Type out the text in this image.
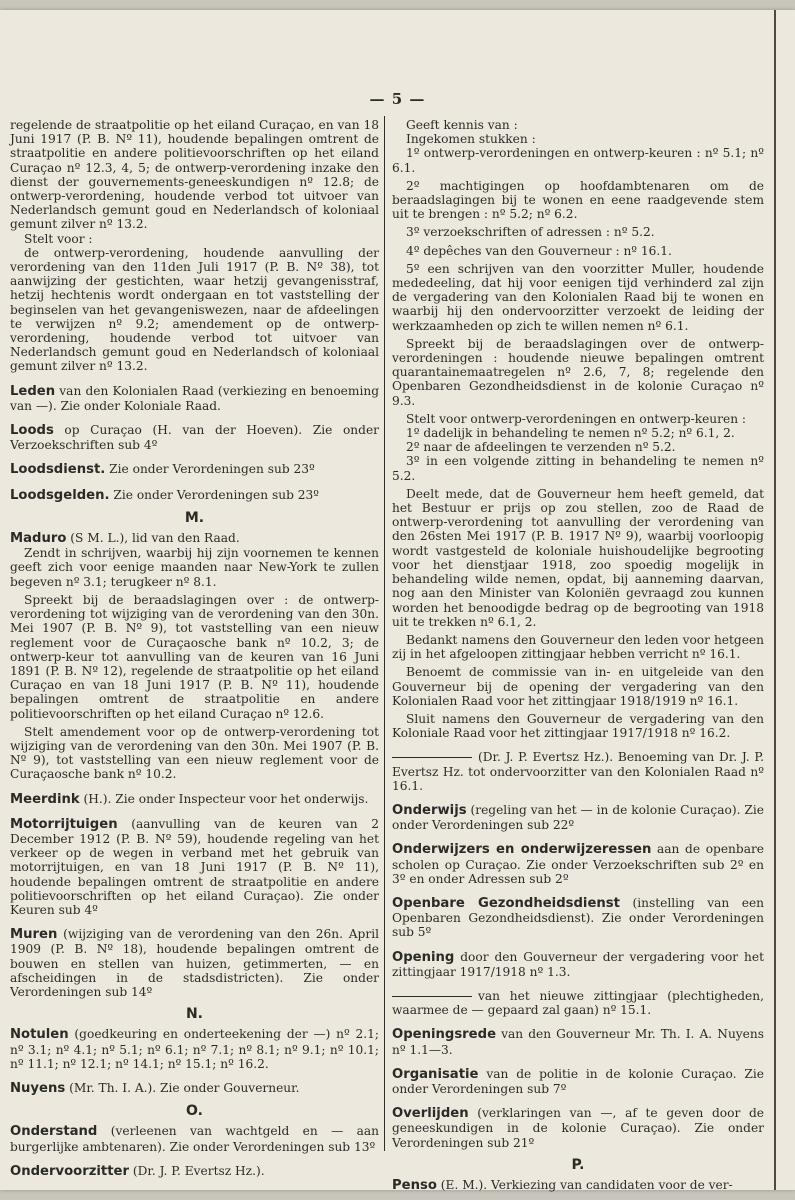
— 5 —

regelende de straatpolitie op het eiland Curaçao, en van 18 Juni 1917 (P. B. Nº 11), houdende bepalingen omtrent de straatpolitie en andere politievoorschriften op het eiland Curaçao nº 12.3, 4, 5; de ontwerp-verordening inzake den dienst der gouvernements-geneeskundigen nº 12.8; de ontwerp-verordening, houdende verbod tot uitvoer van Nederlandsch gemunt goud en Nederlandsch of koloniaal gemunt zilver nº 13.2.

Stelt voor :

de ontwerp-verordening, houdende aanvulling der verordening van den 11den Juli 1917 (P. B. Nº 38), tot aanwijzing der gestichten, waar hetzij gevangenisstraf, hetzij hechtenis wordt ondergaan en tot vaststelling der beginselen van het gevangeniswezen, naar de afdeelingen te verwijzen nº 9.2; amendement op de ontwerp-verordening, houdende verbod tot uitvoer van Nederlandsch gemunt goud en Nederlandsch of koloniaal gemunt zilver nº 13.2.

Leden van den Kolonialen Raad (verkiezing en benoeming van —). Zie onder Koloniale Raad.

Loods op Curaçao (H. van der Hoeven). Zie onder Verzoekschriften sub 4º

Loodsdienst. Zie onder Verordeningen sub 23º

Loodsgelden. Zie onder Verordeningen sub 23º

M.

Maduro (S M. L.), lid van den Raad.

Zendt in schrijven, waarbij hij zijn voornemen te kennen geeft zich voor eenige maanden naar New-York te zullen begeven nº 3.1; terugkeer nº 8.1.

Spreekt bij de beraadslagingen over : de ontwerp-verordening tot wijziging van de verordening van den 30n. Mei 1907 (P. B. Nº 9), tot vaststelling van een nieuw reglement voor de Curaçaosche bank nº 10.2, 3; de ontwerp-keur tot aanvulling van de keuren van 16 Juni 1891 (P. B. Nº 12), regelende de straatpolitie op het eiland Curaçao en van 18 Juni 1917 (P. B. Nº 11), houdende bepalingen omtrent de straatpolitie en andere politievoorschriften op het eiland Curaçao nº 12.6.

Stelt amendement voor op de ontwerp-verordening tot wijziging van de verordening van den 30n. Mei 1907 (P. B. Nº 9), tot vaststelling van een nieuw reglement voor de Curaçaosche bank nº 10.2.

Meerdink (H.). Zie onder Inspecteur voor het onderwijs.

Motorrijtuigen (aanvulling van de keuren van 2 December 1912 (P. B. Nº 59), houdende regeling van het verkeer op de wegen in verband met het gebruik van motorrijtuigen, en van 18 Juni 1917 (P. B. Nº 11), houdende bepalingen omtrent de straatpolitie en andere politievoorschriften op het eiland Curaçao). Zie onder Keuren sub 4º

Muren (wijziging van de verordening van den 26n. April 1909 (P. B. Nº 18), houdende bepalingen omtrent de bouwen en stellen van huizen, getimmerten, — en afscheidingen in de stadsdistricten). Zie onder Verordeningen sub 14º

N.

Notulen (goedkeuring en onderteekening der —) nº 2.1; nº 3.1; nº 4.1; nº 5.1; nº 6.1; nº 7.1; nº 8.1; nº 9.1; nº 10.1; nº 11.1; nº 12.1; nº 14.1; nº 15.1; nº 16.2.

Nuyens (Mr. Th. I. A.). Zie onder Gouverneur.

O.

Onderstand (verleenen van wachtgeld en — aan burgerlijke ambtenaren). Zie onder Verordeningen sub 13º

Ondervoorzitter (Dr. J. P. Evertsz Hz.).

Geeft kennis van :

Ingekomen stukken :

1º ontwerp-verordeningen en ontwerp-keuren : nº 5.1; nº 6.1.

2º machtigingen op hoofdambtenaren om de beraadslagingen bij te wonen en eene raadgevende stem uit te brengen : nº 5.2; nº 6.2.

3º verzoekschriften of adressen : nº 5.2.

4º depêches van den Gouverneur : nº 16.1.

5º een schrijven van den voorzitter Muller, houdende mededeeling, dat hij voor eenigen tijd verhinderd zal zijn de vergadering van den Kolonialen Raad bij te wonen en waarbij hij den ondervoorzitter verzoekt de leiding der werkzaamheden op zich te willen nemen nº 6.1.

Spreekt bij de beraadslagingen over de ontwerp-verordeningen : houdende nieuwe bepalingen omtrent quarantainemaatregelen nº 2.6, 7, 8; regelende den Openbaren Gezondheidsdienst in de kolonie Curaçao nº 9.3.

Stelt voor ontwerp-verordeningen en ontwerp-keuren :

1º dadelijk in behandeling te nemen nº 5.2; nº 6.1, 2.

2º naar de afdeelingen te verzenden nº 5.2.

3º in een volgende zitting in behandeling te nemen nº 5.2.

Deelt mede, dat de Gouverneur hem heeft gemeld, dat het Bestuur er prijs op zou stellen, zoo de Raad de ontwerp-verordening tot aanvulling der verordening van den 26sten Mei 1917 (P. B. 1917 Nº 9), waarbij voorloopig wordt vastgesteld de koloniale huishoudelijke begrooting voor het dienstjaar 1918, zoo spoedig mogelijk in behandeling wilde nemen, opdat, bij aanneming daarvan, nog aan den Minister van Koloniën gevraagd zou kunnen worden het benoodigde bedrag op de begrooting van 1918 uit te trekken nº 6.1, 2.

Bedankt namens den Gouverneur den leden voor hetgeen zij in het afgeloopen zittingjaar hebben verricht nº 16.1.

Benoemt de commissie van in- en uitgeleide van den Gouverneur bij de opening der vergadering van den Kolonialen Raad voor het zittingjaar 1918/1919 nº 16.1.

Sluit namens den Gouverneur de vergadering van den Koloniale Raad voor het zittingjaar 1917/1918 nº 16.2.

(Dr. J. P. Evertsz Hz.). Benoeming van Dr. J. P. Evertsz Hz. tot ondervoorzitter van den Kolonialen Raad nº 16.1.

Onderwijs (regeling van het — in de kolonie Curaçao). Zie onder Verordeningen sub 22º

Onderwijzers en onderwijzeressen aan de openbare scholen op Curaçao. Zie onder Verzoekschriften sub 2º en 3º en onder Adressen sub 2º

Openbare Gezondheidsdienst (instelling van een Openbaren Gezondheidsdienst). Zie onder Verordeningen sub 5º

Opening door den Gouverneur der vergadering voor het zittingjaar 1917/1918 nº 1.3.

van het nieuwe zittingjaar (plechtigheden, waarmee de — gepaard zal gaan) nº 15.1.

Openingsrede van den Gouverneur Mr. Th. I. A. Nuyens nº 1.1—3.

Organisatie van de politie in de kolonie Curaçao. Zie onder Verordeningen sub 7º

Overlijden (verklaringen van —, af te geven door de geneeskundigen in de kolonie Curaçao). Zie onder Verordeningen sub 21º

P.

Penso (E. M.). Verkiezing van candidaten voor de ver-
